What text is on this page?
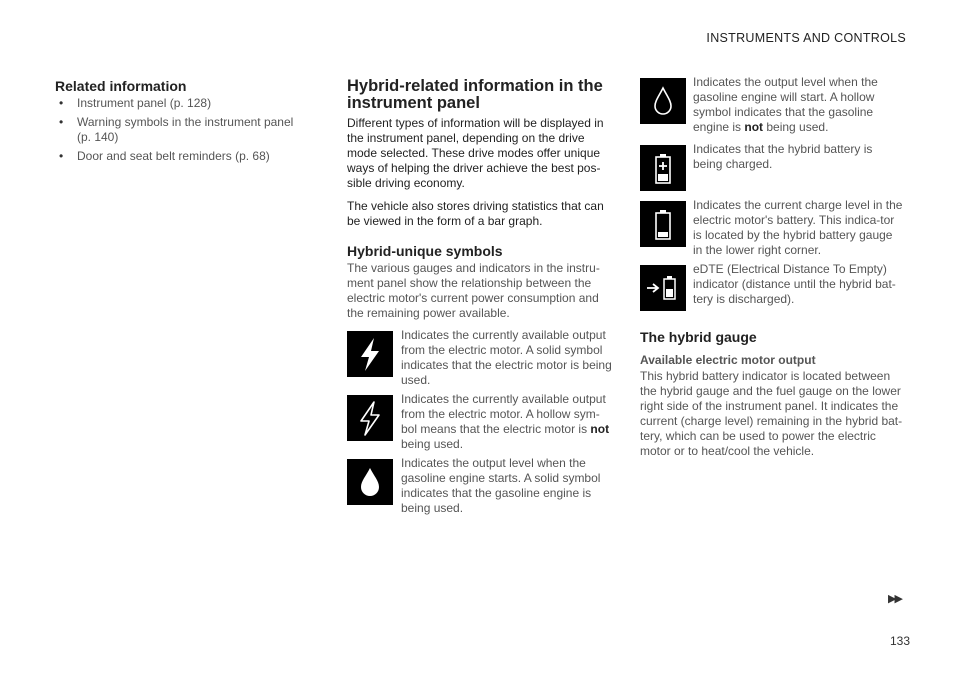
INSTRUMENTS AND CONTROLS
Related information
• Instrument panel (p. 128)
• Warning symbols in the instrument panel (p. 140)
• Door and seat belt reminders (p. 68)
Hybrid-related information in the instrument panel

Different types of information will be displayed in the instrument panel, depending on the drive mode selected. These drive modes offer unique ways of helping the driver achieve the best pos-sible driving economy.

The vehicle also stores driving statistics that can be viewed in the form of a bar graph.

Hybrid-unique symbols

The various gauges and indicators in the instru-ment panel show the relationship between the electric motor's current power consumption and the remaining power available.

Indicates the currently available output from the electric motor. A solid symbol indicates that the electric motor is being used.
Indicates the currently available output from the electric motor. A hollow sym-bol means that the electric motor is not being used.
Indicates the output level when the gasoline engine starts. A solid symbol indicates that the gasoline engine is being used.
Indicates the output level when the gasoline engine will start. A hollow symbol indicates that the gasoline engine is not being used.
Indicates that the hybrid battery is being charged.
Indicates the current charge level in the electric motor's battery. This indica-tor is located by the hybrid battery gauge in the lower right corner.
eDTE (Electrical Distance To Empty) indicator (distance until the hybrid bat-tery is discharged).
The hybrid gauge
Available electric motor output

This hybrid battery indicator is located between the hybrid gauge and the fuel gauge on the lower right side of the instrument panel. It indicates the current (charge level) remaining in the hybrid bat-tery, which can be used to power the electric motor or to heat/cool the vehicle.

▶▶
133
